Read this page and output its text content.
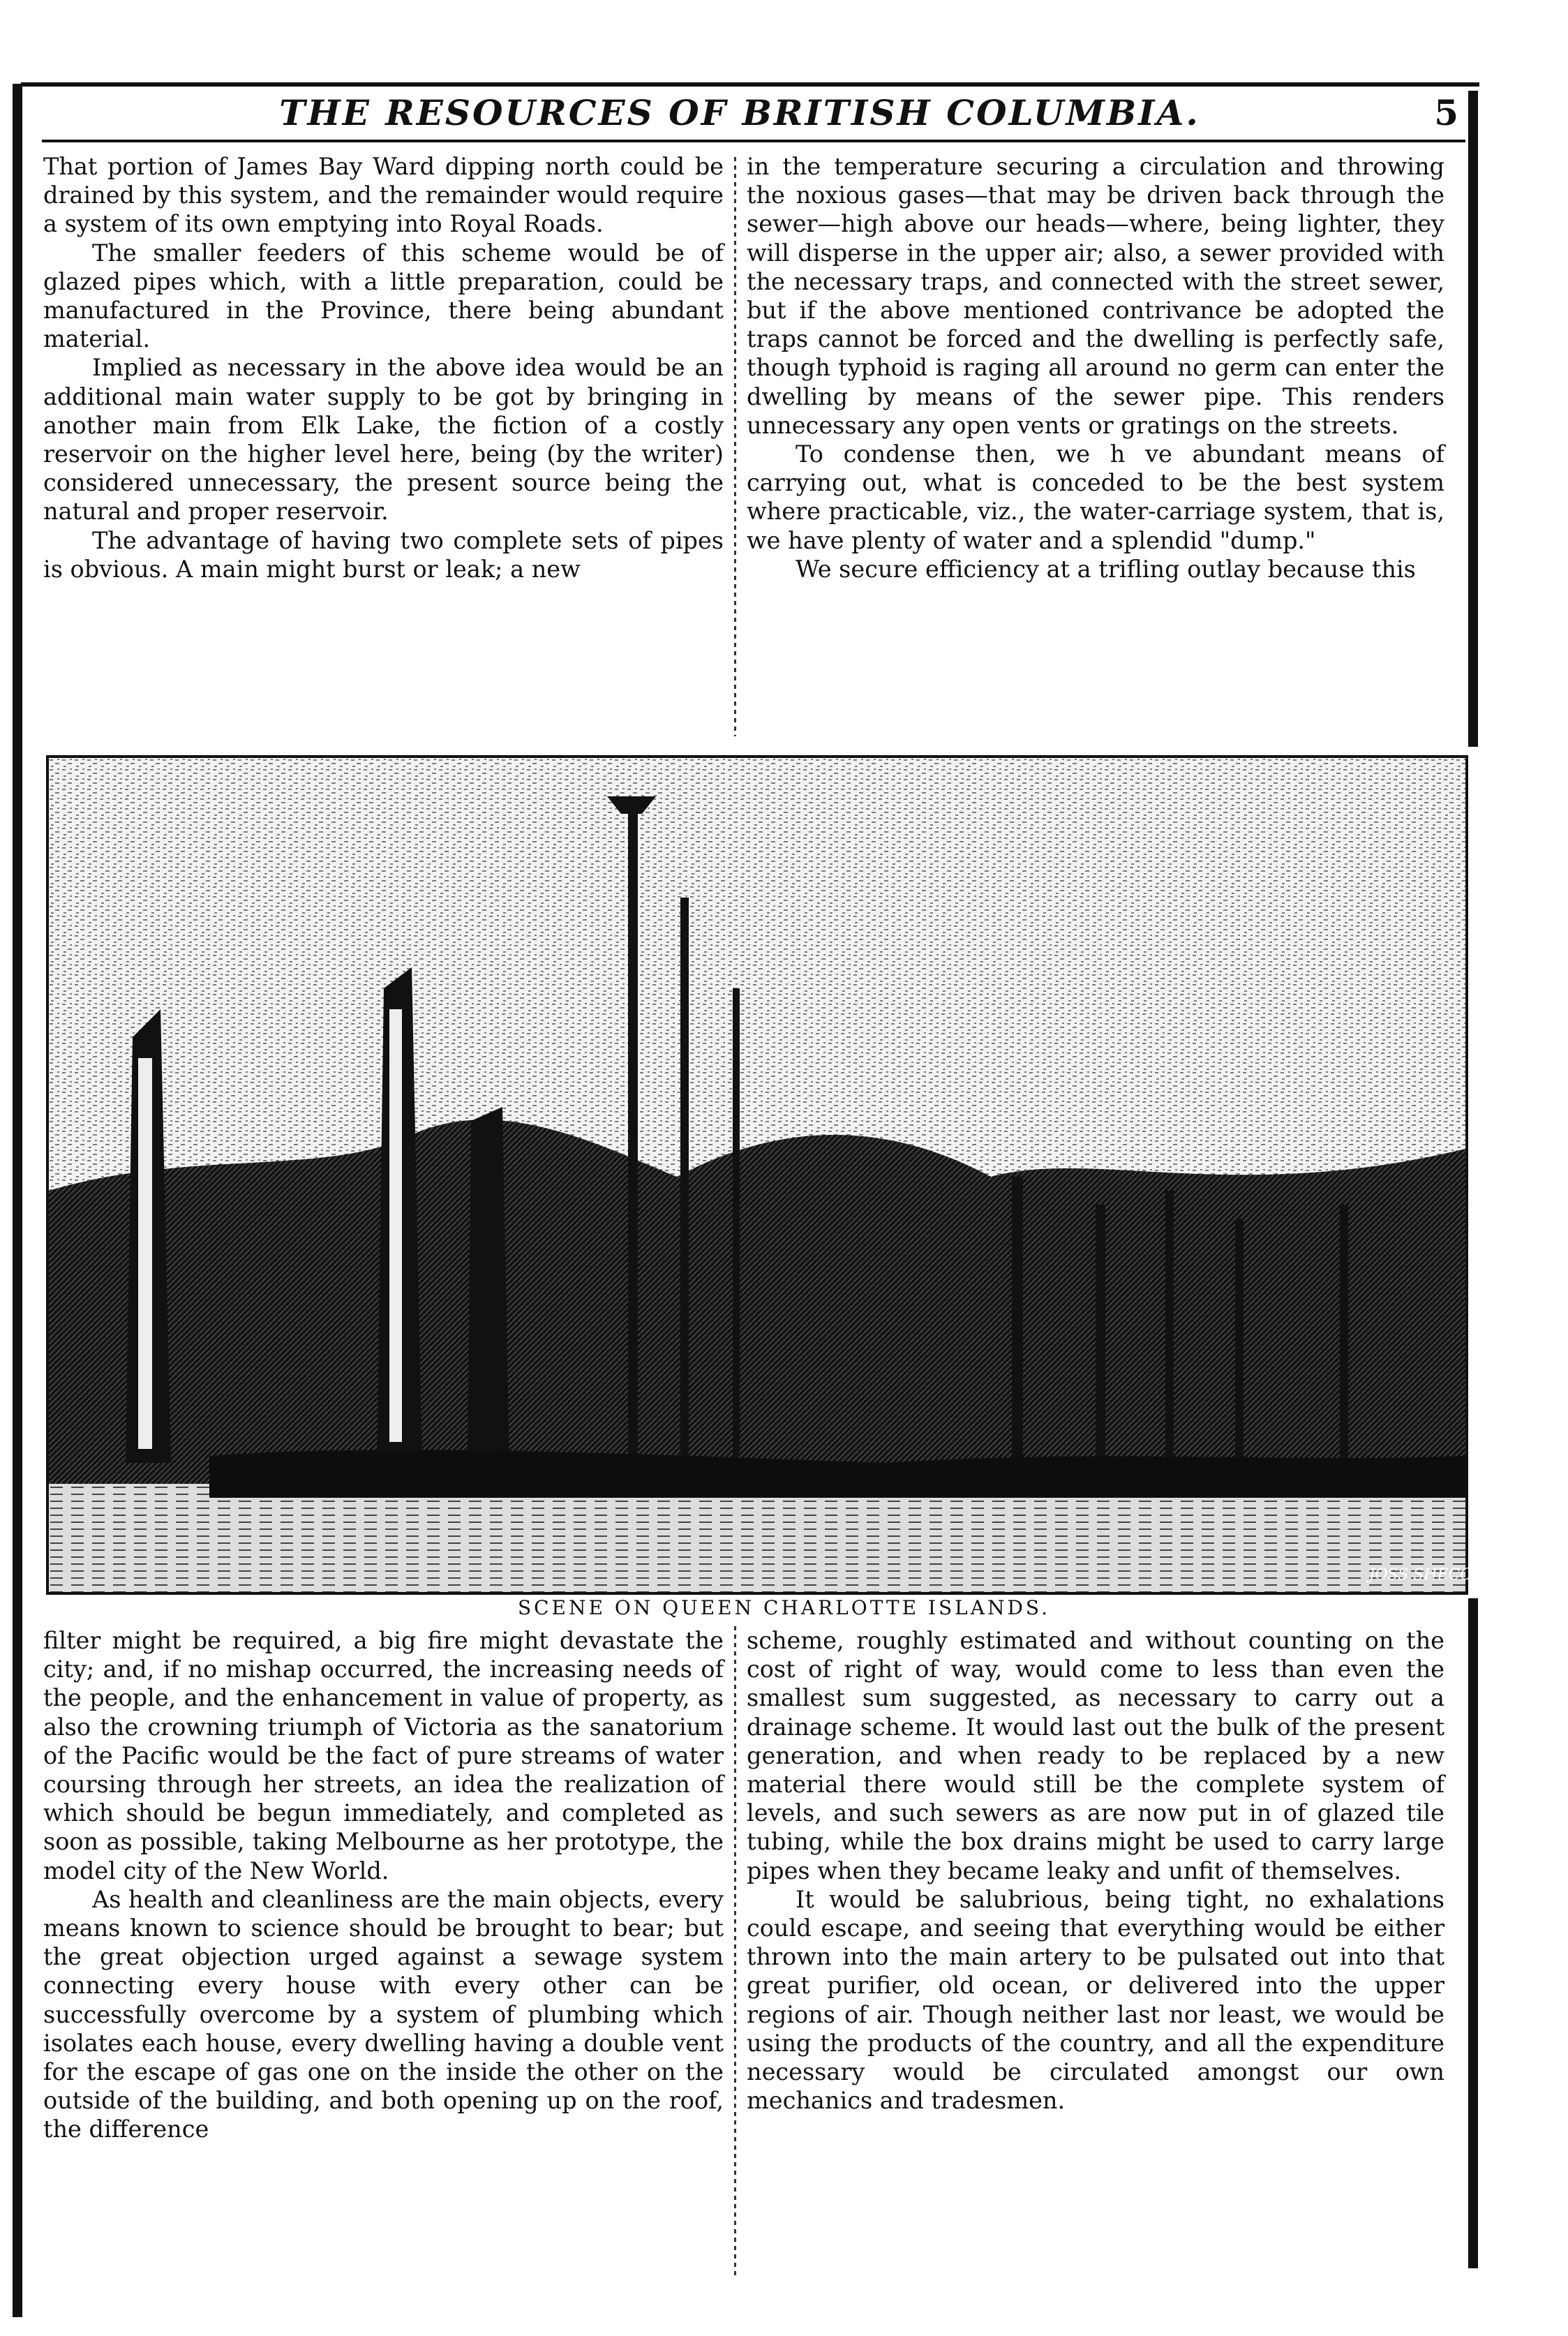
THE RESOURCES OF BRITISH COLUMBIA.	5

That portion of James Bay Ward dipping north could be drained by this system, and the remainder would require a system of its own emptying into Royal Roads.

The smaller feeders of this scheme would be of glazed pipes which, with a little preparation, could be manufactured in the Province, there being abundant material.

Implied as necessary in the above idea would be an additional main water supply to be got by bringing in another main from Elk Lake, the fiction of a costly reservoir on the higher level here, being (by the writer) considered unnecessary, the present source being the natural and proper reservoir.

The advantage of having two complete sets of pipes is obvious. A main might burst or leak; a new

in the temperature securing a circulation and throwing the noxious gases—that may be driven back through the sewer—high above our heads—where, being lighter, they will disperse in the upper air; also, a sewer provided with the necessary traps, and connected with the street sewer, but if the above mentioned contrivance be adopted the traps cannot be forced and the dwelling is perfectly safe, though typhoid is raging all around no germ can enter the dwelling by means of the sewer pipe. This renders unnecessary any open vents or gratings on the streets.

To condense then, we h ve abundant means of carrying out, what is conceded to be the best system where practicable, viz., the water-carriage system, that is, we have plenty of water and a splendid "dump."

We secure efficiency at a trifling outlay because this

JOSS SHECCOTT
SCENE ON QUEEN CHARLOTTE ISLANDS.

filter might be required, a big fire might devastate the city; and, if no mishap occurred, the increasing needs of the people, and the enhancement in value of property, as also the crowning triumph of Victoria as the sanatorium of the Pacific would be the fact of pure streams of water coursing through her streets, an idea the realization of which should be begun immediately, and completed as soon as possible, taking Melbourne as her prototype, the model city of the New World.

As health and cleanliness are the main objects, every means known to science should be brought to bear; but the great objection urged against a sewage system connecting every house with every other can be successfully overcome by a system of plumbing which isolates each house, every dwelling having a double vent for the escape of gas one on the inside the other on the outside of the building, and both opening up on the roof, the difference

scheme, roughly estimated and without counting on the cost of right of way, would come to less than even the smallest sum suggested, as necessary to carry out a drainage scheme. It would last out the bulk of the present generation, and when ready to be replaced by a new material there would still be the complete system of levels, and such sewers as are now put in of glazed tile tubing, while the box drains might be used to carry large pipes when they became leaky and unfit of themselves.

It would be salubrious, being tight, no exhalations could escape, and seeing that everything would be either thrown into the main artery to be pulsated out into that great purifier, old ocean, or delivered into the upper regions of air. Though neither last nor least, we would be using the products of the country, and all the expenditure necessary would be circulated amongst our own mechanics and tradesmen.
